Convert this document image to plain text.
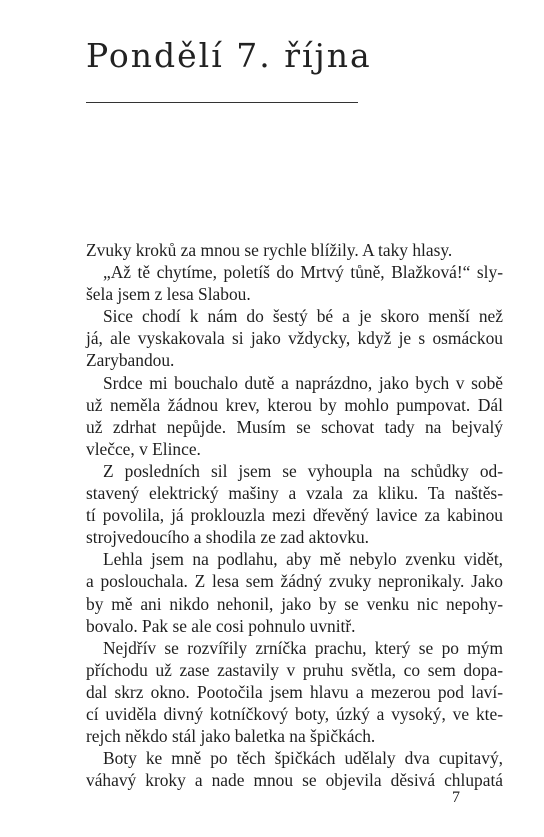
Pondělí 7. října
Zvuky kroků za mnou se rychle blížily. A taky hlasy.
„Až tě chytíme, poletíš do Mrtvý tůně, Blažková!“ sly-
šela jsem z lesa Slabou.
Sice chodí k nám do šestý bé a je skoro menší než
já, ale vyskakovala si jako vždycky, když je s osmáckou
Zarybandou.
Srdce mi bouchalo dutě a naprázdno, jako bych v sobě
už neměla žádnou krev, kterou by mohlo pumpovat. Dál
už zdrhat nepůjde. Musím se schovat tady na bejvalý
vlečce, v Elince.
Z posledních sil jsem se vyhoupla na schůdky od-
stavený elektrický mašiny a vzala za kliku. Ta naštěs-
tí povolila, já proklouzla mezi dřevěný lavice za kabinou
strojvedoucího a shodila ze zad aktovku.
Lehla jsem na podlahu, aby mě nebylo zvenku vidět,
a poslouchala. Z lesa sem žádný zvuky nepronikaly. Jako
by mě ani nikdo nehonil, jako by se venku nic nepohy-
bovalo. Pak se ale cosi pohnulo uvnitř.
Nejdřív se rozvířily zrníčka prachu, který se po mým
příchodu už zase zastavily v pruhu světla, co sem dopa-
dal skrz okno. Pootočila jsem hlavu a mezerou pod laví-
cí uviděla divný kotníčkový boty, úzký a vysoký, ve kte-
rejch někdo stál jako baletka na špičkách.
Boty ke mně po těch špičkách udělaly dva cupitavý,
váhavý kroky a nade mnou se objevila děsivá chlupatá
7
